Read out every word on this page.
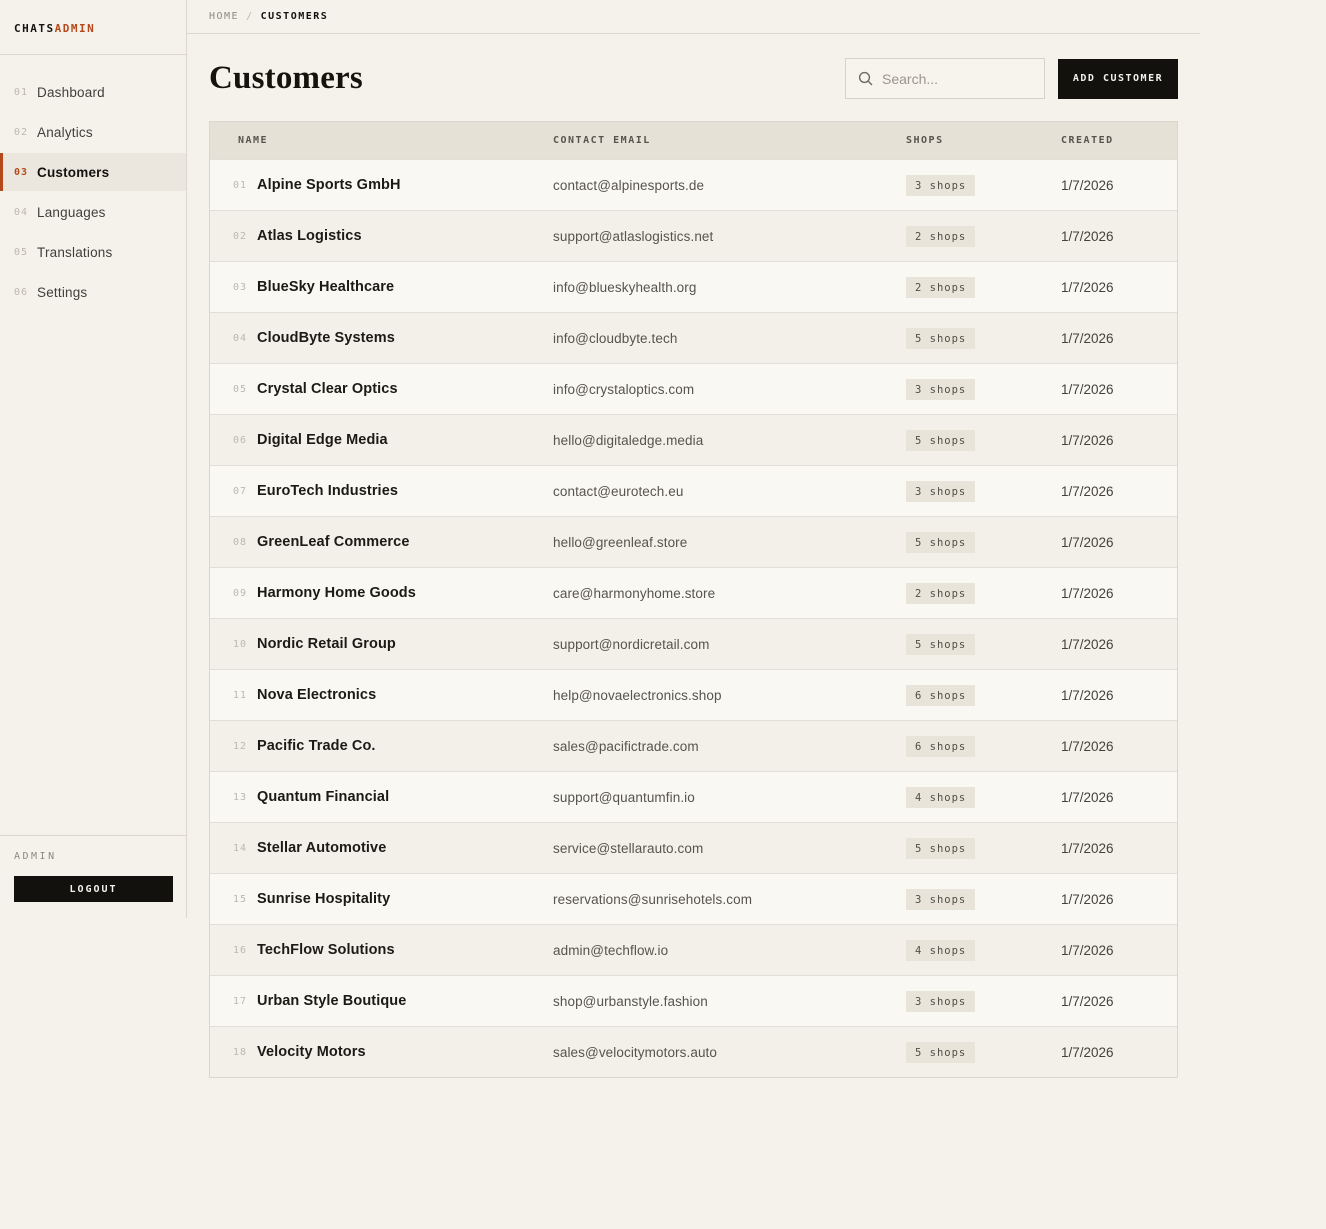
CHATSADMIN
01 Dashboard
02 Analytics
03 Customers
04 Languages
05 Translations
06 Settings
ADMIN
LOGOUT
HOME / CUSTOMERS
Customers
Search...	ADD CUSTOMER
NAME	CONTACT EMAIL	SHOPS	CREATED
01 Alpine Sports GmbH	contact@alpinesports.de	3 shops	1/7/2026
02 Atlas Logistics	support@atlaslogistics.net	2 shops	1/7/2026
03 BlueSky Healthcare	info@blueskyhealth.org	2 shops	1/7/2026
04 CloudByte Systems	info@cloudbyte.tech	5 shops	1/7/2026
05 Crystal Clear Optics	info@crystaloptics.com	3 shops	1/7/2026
06 Digital Edge Media	hello@digitaledge.media	5 shops	1/7/2026
07 EuroTech Industries	contact@eurotech.eu	3 shops	1/7/2026
08 GreenLeaf Commerce	hello@greenleaf.store	5 shops	1/7/2026
09 Harmony Home Goods	care@harmonyhome.store	2 shops	1/7/2026
10 Nordic Retail Group	support@nordicretail.com	5 shops	1/7/2026
11 Nova Electronics	help@novaelectronics.shop	6 shops	1/7/2026
12 Pacific Trade Co.	sales@pacifictrade.com	6 shops	1/7/2026
13 Quantum Financial	support@quantumfin.io	4 shops	1/7/2026
14 Stellar Automotive	service@stellarauto.com	5 shops	1/7/2026
15 Sunrise Hospitality	reservations@sunrisehotels.com	3 shops	1/7/2026
16 TechFlow Solutions	admin@techflow.io	4 shops	1/7/2026
17 Urban Style Boutique	shop@urbanstyle.fashion	3 shops	1/7/2026
18 Velocity Motors	sales@velocitymotors.auto	5 shops	1/7/2026
